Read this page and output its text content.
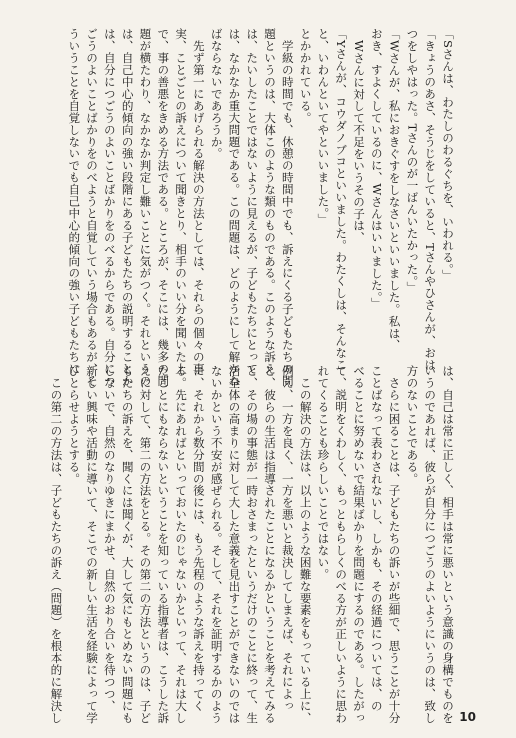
「Sさんは、わたしのわるぐちを、いわれる。」
「きょうのあさ、そうじをしていると、Tさんやひさんが、おは
つをしやはった。Tさんのが一ばんいたかった。」
「Wさんが、私におきぐすをしなさいといいました。私は、
おき、すよくしているのに、Wさんはいいました。」
　Wさんに対して不足をいうその子は、
「Yさんが、コウダノブコといいました。わたくしは、そんなこ
と、いわんといてやといいました。」
とかかれている。
　学級の時間でも、休憩の時間中でも、訴えにくる子どもたちの問
題というのは、大体このような類のものである。このような訴え
は、たいしたことではないように見えるが、子どもたちにとって
は、なかなか重大問題である。この問題は、どのようにして解かね
ばならないであろうか。
　先ず第一にあげられる解決の方法としては、それらの個々の事
実、ことごとの訴えについて聞きとり、相手のいい分を聞いた上
で、事の善悪をきめる方法である。ところが、そこには、幾多の問
題が横たわり、なかなか判定し難いことに気がつく。それというの
は、自己中心的傾向の強い段階にある子どもたちの説明することか
は、自分につごうのよいことばかりをのべるからである。自分につ
ごうのよいことばかりをのべようと自覚していう場合もあるが、そ
ういうことを自覚しないでも自己中心的傾向の強い子どもたちに
は、自己は常に正しく、相手は常に悪いという意識の身構でものを
いうのであれば、彼らが自分につごうのよいようにいうのは、致し
方のないことである。
　さらに困ることは、子どもたちの訴いが些細で、思うことが十分
ことばなって表わされないし、しかも、その経過については、の
べることに努めないで結果ばかりを問題にするのである。したがっ
て、説明をくわしく、もっともらしくのべる方が正しいように思わ
れてくることも珍らしいことではない。
　この解決の方法は、以上のような困難な要素をもっている上に、
例え、一方を良く、一方を悪いと裁決してしまえば、それによっ
と、彼らの生活は指導されたことになるかということを考えてみる
と、その場の事態が一時おさまったというだけのことに終って、生
活全体の高まりに対して大した意義を見出すことができないのでは
ないかという不安が感ぜられる。そして、それを証明するかのよう
に、それから数分間の後には、もう先程のような訴えを持ってく
る。先にあればといっておいたのじゃないかといって、それは大し
たことにもならないということを知っている指導者は、こうした訴
えに対して、第二の方法をとる。その第二の方法というのは、子ど
もたちの訴えを、聞くには聞くが、大して気にもとめない問題にも
しないで、自然のなりゆきにまかせ、自然のおり合いを待つつ、
新しい興味や活動に導いて、そこでの新しい生活を経験によって学
びとらせようとする。
　この第二の方法は、子どもたちの訴え（問題）を根本的に解決し	10
